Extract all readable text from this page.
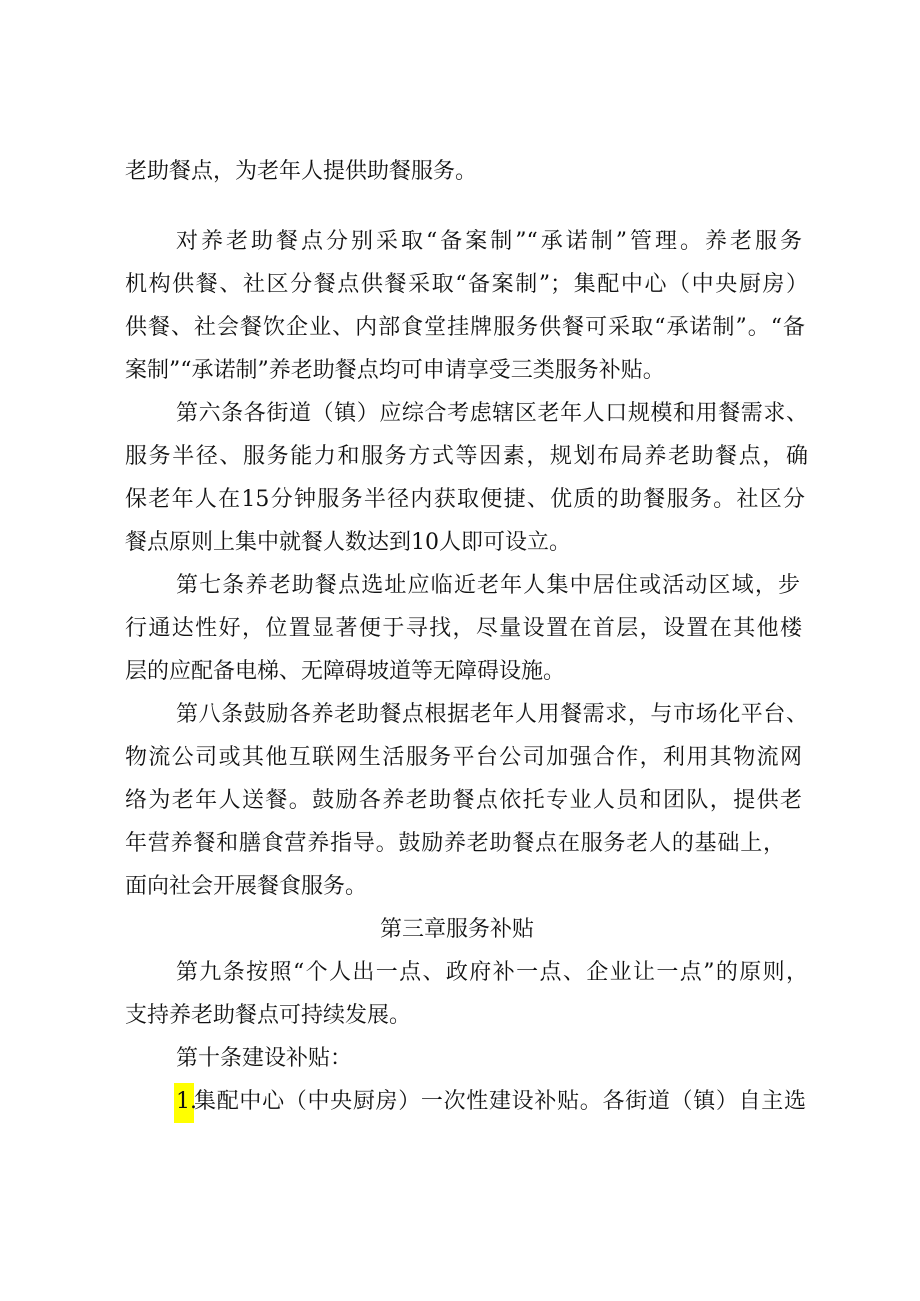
老助餐点，为老年人提供助餐服务。
对养老助餐点分别采取“备案制”“承诺制”管理。养老服务
机构供餐、社区分餐点供餐采取“备案制”；集配中心（中央厨房）
供餐、社会餐饮企业、内部食堂挂牌服务供餐可采取“承诺制”。“备
案制”“承诺制”养老助餐点均可申请享受三类服务补贴。
第六条各街道（镇）应综合考虑辖区老年人口规模和用餐需求、
服务半径、服务能力和服务方式等因素，规划布局养老助餐点，确
保老年人在15分钟服务半径内获取便捷、优质的助餐服务。社区分
餐点原则上集中就餐人数达到10人即可设立。
第七条养老助餐点选址应临近老年人集中居住或活动区域，步
行通达性好，位置显著便于寻找，尽量设置在首层，设置在其他楼
层的应配备电梯、无障碍坡道等无障碍设施。
第八条鼓励各养老助餐点根据老年人用餐需求，与市场化平台、
物流公司或其他互联网生活服务平台公司加强合作，利用其物流网
络为老年人送餐。鼓励各养老助餐点依托专业人员和团队，提供老
年营养餐和膳食营养指导。鼓励养老助餐点在服务老人的基础上，
面向社会开展餐食服务。
第三章服务补贴
第九条按照“个人出一点、政府补一点、企业让一点”的原则，
支持养老助餐点可持续发展。
第十条建设补贴：
1.
集配中心（中央厨房）一次性建设补贴。各街道（镇）自主选
